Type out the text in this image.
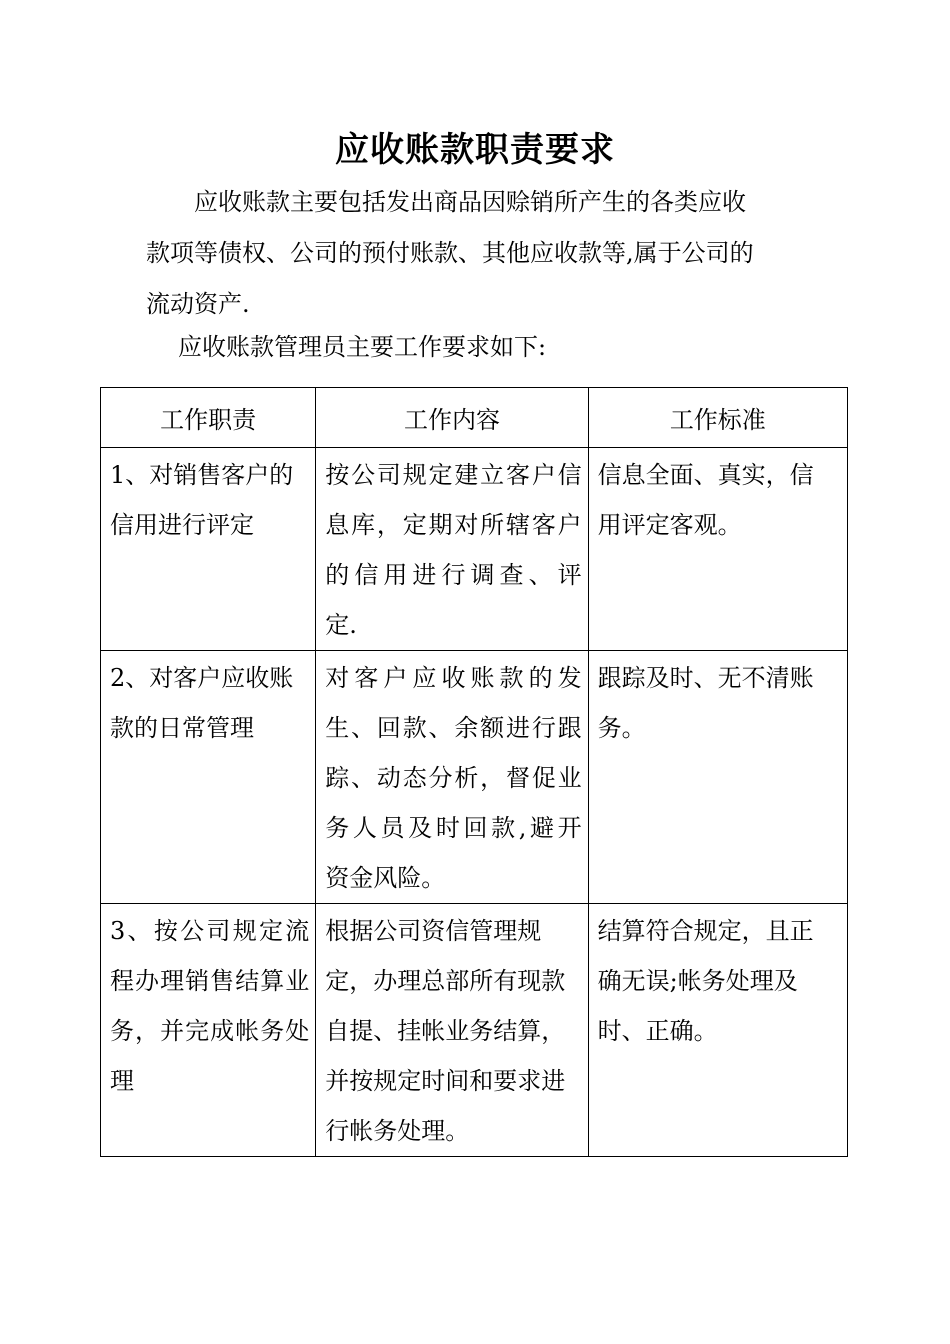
应收账款职责要求
应收账款主要包括发出商品因赊销所产生的各类应收
款项等债权、公司的预付账款、其他应收款等,属于公司的
流动资产.
应收账款管理员主要工作要求如下:
工作职责	工作内容	工作标准

1、对销售客户的
信用进行评定	按公司规定建立客户信
息库，定期对所辖客户
的信用进行调查、评
定.	信息全面、真实，信
用评定客观。

2、对客户应收账
款的日常管理	对客户应收账款的发
生、回款、余额进行跟
踪、动态分析，督促业
务人员及时回款,避开
资金风险。	跟踪及时、无不清账
务。

3、按公司规定流
程办理销售结算业
务，并完成帐务处
理	根据公司资信管理规
定，办理总部所有现款
自提、挂帐业务结算，
并按规定时间和要求进
行帐务处理。	结算符合规定，且正
确无误;帐务处理及
时、正确。
